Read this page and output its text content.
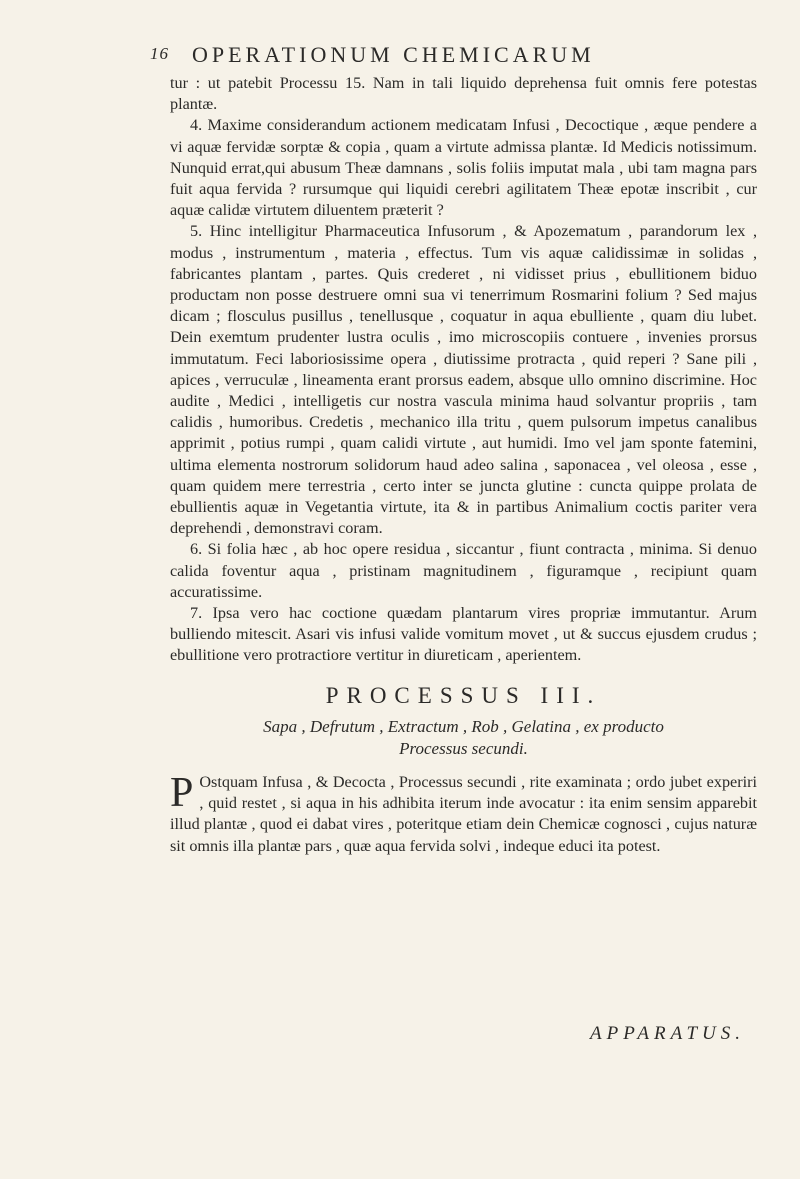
16 OPERATIONUM CHEMICARUM

tur : ut patebit Processu 15. Nam in tali liquido deprehensa fuit omnis fere potestas plantæ.

4. Maxime considerandum actionem medicatam Infusi , Decoctique , æque pendere a vi aquæ fervidæ sorptæ & copia , quam a virtute admissa plantæ. Id Medicis notissimum. Nunquid errat,qui abusum Theæ damnans , solis foliis imputat mala , ubi tam magna pars fuit aqua fervida ? rursumque qui liquidi cerebri agilitatem Theæ epotæ inscribit , cur aquæ calidæ virtutem diluentem præterit ?

5. Hinc intelligitur Pharmaceutica Infusorum , & Apozematum , parandorum lex , modus , instrumentum , materia , effectus. Tum vis aquæ calidissimæ in solidas , fabricantes plantam , partes. Quis crederet , ni vidisset prius , ebullitionem biduo productam non posse destruere omni sua vi tenerrimum Rosmarini folium ? Sed majus dicam ; flosculus pusillus , tenellusque , coquatur in aqua ebulliente , quam diu lubet. Dein exemtum prudenter lustra oculis , imo microscopiis contuere , invenies prorsus immutatum. Feci laboriosissime opera , diutissime protracta , quid reperi ? Sane pili , apices , verruculæ , lineamenta erant prorsus eadem, absque ullo omnino discrimine. Hoc audite , Medici , intelligetis cur nostra vascula minima haud solvantur propriis , tam calidis , humoribus. Credetis , mechanico illa tritu , quem pulsorum impetus canalibus apprimit , potius rumpi , quam calidi virtute , aut humidi. Imo vel jam sponte fatemini, ultima elementa nostrorum solidorum haud adeo salina , saponacea , vel oleosa , esse , quam quidem mere terrestria , certo inter se juncta glutine : cuncta quippe prolata de ebullientis aquæ in Vegetantia virtute, ita & in partibus Animalium coctis pariter vera deprehendi , demonstravi coram.

6. Si folia hæc , ab hoc opere residua , siccantur , fiunt contracta , minima. Si denuo calida foventur aqua , pristinam magnitudinem , figuramque , recipiunt quam accuratissime.

7. Ipsa vero hac coctione quædam plantarum vires propriæ immutantur. Arum bulliendo mitescit. Asari vis infusi valide vomitum movet , ut & succus ejusdem crudus ; ebullitione vero protractiore vertitur in diureticam , aperientem.

PROCESSUS III.
Sapa , Defrutum , Extractum , Rob , Gelatina , ex producto
Processus secundi.

P Ostquam Infusa , & Decocta , Processus secundi , rite examinata ; ordo jubet experiri , quid restet , si aqua in his adhibita iterum inde avocatur : ita enim sensim apparebit illud plantæ , quod ei dabat vires , poteritque etiam dein Chemicæ cognosci , cujus naturæ sit omnis illa plantæ pars , quæ aqua fervida solvi , indeque educi ita potest.

APPARATUS.
